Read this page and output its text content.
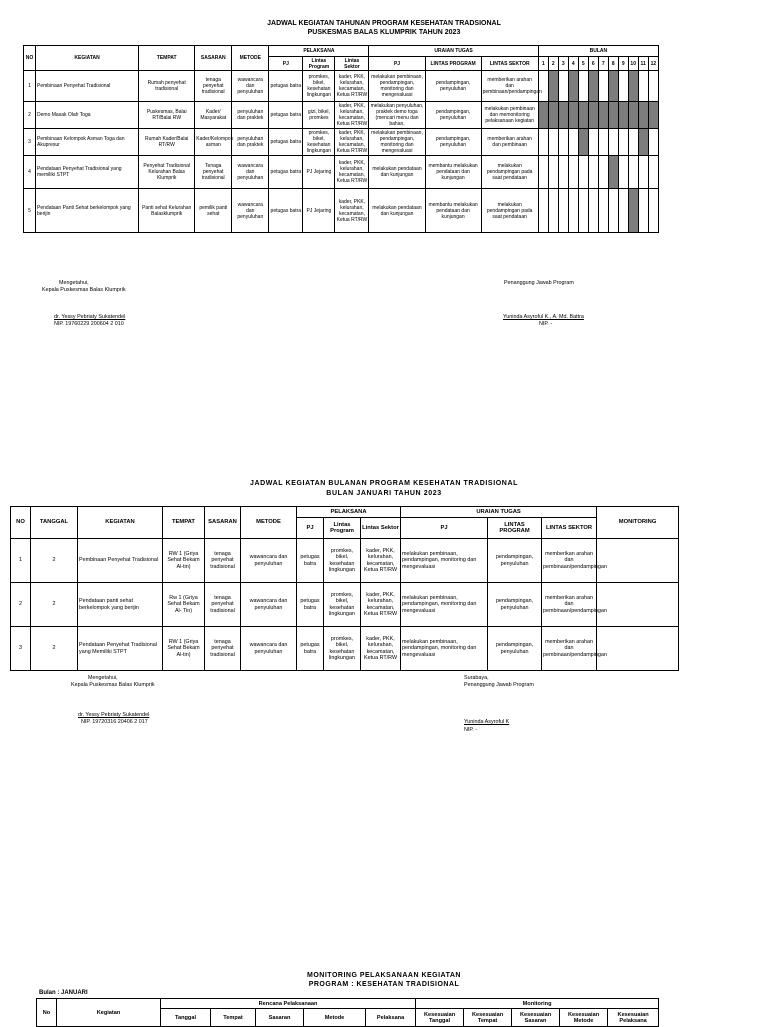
JADWAL KEGIATAN TAHUNAN PROGRAM KESEHATAN TRADSIONAL
PUSKESMAS BALAS KLUMPRIK TAHUN 2023
NO	KEGIATAN	TEMPAT	SASARAN	METODE	PELAKSANA			URAIAN TUGAS			BULAN											
					PJ	Lintas Program	Lintas Sektor	PJ	LINTAS PROGRAM	LINTAS SEKTOR	1	2	3	4	5	6	7	8	9	10	11	12
1	Pembinaan Penyehat Tradisional	Rumah penyehat tradisional	tenaga penyehat tradisional	wawancara dan penyuluhan	petugas batra	promkes, bikel, kesehatan lingkungan	kader, PKK, kelurahan, kecamatan, Ketua RT/RW	melakukan pembinaan, pendampingan, monitoring dan mengevaluasi	pendampingan, penyuluhan	memberikan arahan dan pembinaan/pendampingan												
2	Demo Masak Olah Toga	Puskesmas, Balai RT/Balai RW	Kader/ Masyarakat	penyuluhan dan praktek	petugas batra	gizi, bikel, promkes	kader, PKK, kelurahan, kecamatan, Ketua RT/RW	melakukan penyuluhan, praktek demo toga (mencari menu dan bahan,	pendampingan, penyuluhan	melakukan pembinaan dan memonitoring pelaksanaan kegiatan												
3	Pembinaan Kelompok Asman Toga dan Akupresur	Rumah Kader/Balai RT/RW	Kader/Kelompok asman	penyuluhan dan praktek	petugas batra	promkes, bikel, kesehatan lingkungan	kader, PKK, kelurahan, kecamatan, Ketua RT/RW	melakukan pembinaan, pendampingan, monitoring dan mengevaluasi	pendampingan, penyuluhan	memberikan arahan dan pembinaan												
4	Pendataan Penyehat Tradisional yang memiliki STPT	Penyehat Tradisional Kelurahan Balas Klumprik	Tenaga penyehat tradisional	wawancara dan penyuluhan	petugas batra	PJ Jejaring	kader, PKK, kelurahan, kecamatan, Ketua RT/RW	melakukan pendataan dan kunjungan	membantu melakukan pendataan dan kunjungan	melakukan pendampingan pada saat pendataan												
5	Pendataan Panti Sehat berkelompok yang berijin	Panti sehat Kelurahan Balasklumprik	pemilik panti sehat	wawancara dan penyuluhan	petugas batra	PJ Jejaring	kader, PKK, kelurahan, kecamatan, Ketua RT/RW	melakukan pendataan dan kunjungan	membantu melakukan pendataan dan kunjungan	melakukan pendampingan pada saat pendataan												
Mengetahui,
Kepala Puskesmas Balas Klumprik
dr. Yessy Pebriaty Sukatendel
NIP. 19760229 200604 2 010
Penanggung Jawab Program
Yuninda Asyroful K., A. Md. Battra
NIP. -
JADWAL KEGIATAN BULANAN PROGRAM KESEHATAN TRADISIONAL
BULAN JANUARI TAHUN 2023
NO	TANGGAL	KEGIATAN	TEMPAT	SASARAN	METODE	PELAKSANA			URAIAN TUGAS			MONITORING
						PJ	Lintas Program	Lintas Sektor	PJ	LINTAS PROGRAM	LINTAS SEKTOR	
1	2	Pembinaan Penyehat Tradisional	RW 1 (Griya Sehat Bekam Al-tin)	tenaga penyehat tradisional	wawancara dan penyuluhan	petugas batra	promkes, bikel, kesehatan lingkungan	kader, PKK, kelurahan, kecamatan, Ketua RT/RW	melakukan pembinaan, pendampingan, monitoring dan mengevaluasi	pendampingan, penyuluhan	memberikan arahan dan pembinaan/pendampingan	
2	2	Pendataan panti sehat berkelompok yang berijin	Rw 1 (Griya Sehat Bekam Al- Tin)	tenaga penyehat tradisional	wawancara dan penyuluhan	petugas batra	promkes, bikel, kesehatan lingkungan	kader, PKK, kelurahan, kecamatan, Ketua RT/RW	melakukan pembinaan, pendampingan, monitoring dan mengevaluasi	pendampingan, penyuluhan	memberikan arahan dan pembinaan/pendampingan	
3	2	Pendataan Penyehat Tradisional yang Memiliki STPT	RW 1 (Griya Sehat Bekam Al-tin)	tenaga penyehat tradisional	wawancara dan penyuluhan	petugas batra	promkes, bikel, kesehatan lingkungan	kader, PKK, kelurahan, kecamatan, Ketua RT/RW	melakukan pembinaan, pendampingan, monitoring dan mengevaluasi	pendampingan, penyuluhan	memberikan arahan dan pembinaan/pendampingan	
Mengetahui,
Kepala Puskesmas Balas Klumprik
dr. Yessy Pebriaty Sukatendel
NIP. 19720316 20406 2 017
Surabaya,
Penanggung Jawab Program
Yuninda Asyroful K
NIP. -
MONITORING PELAKSANAAN KEGIATAN
PROGRAM : KESEHATAN TRADISIONAL
Bulan : JANUARI
No	Kegiatan	Rencana Pelaksanaan					Monitoring				
		Tanggal	Tempat	Sasaran	Metode	Pelaksana	Kesesuaian Tanggal	Kesesuaian Tempat	Kesesuaian Sasaran	Kesesuaian Metode	Kesesuaian Pelaksana
